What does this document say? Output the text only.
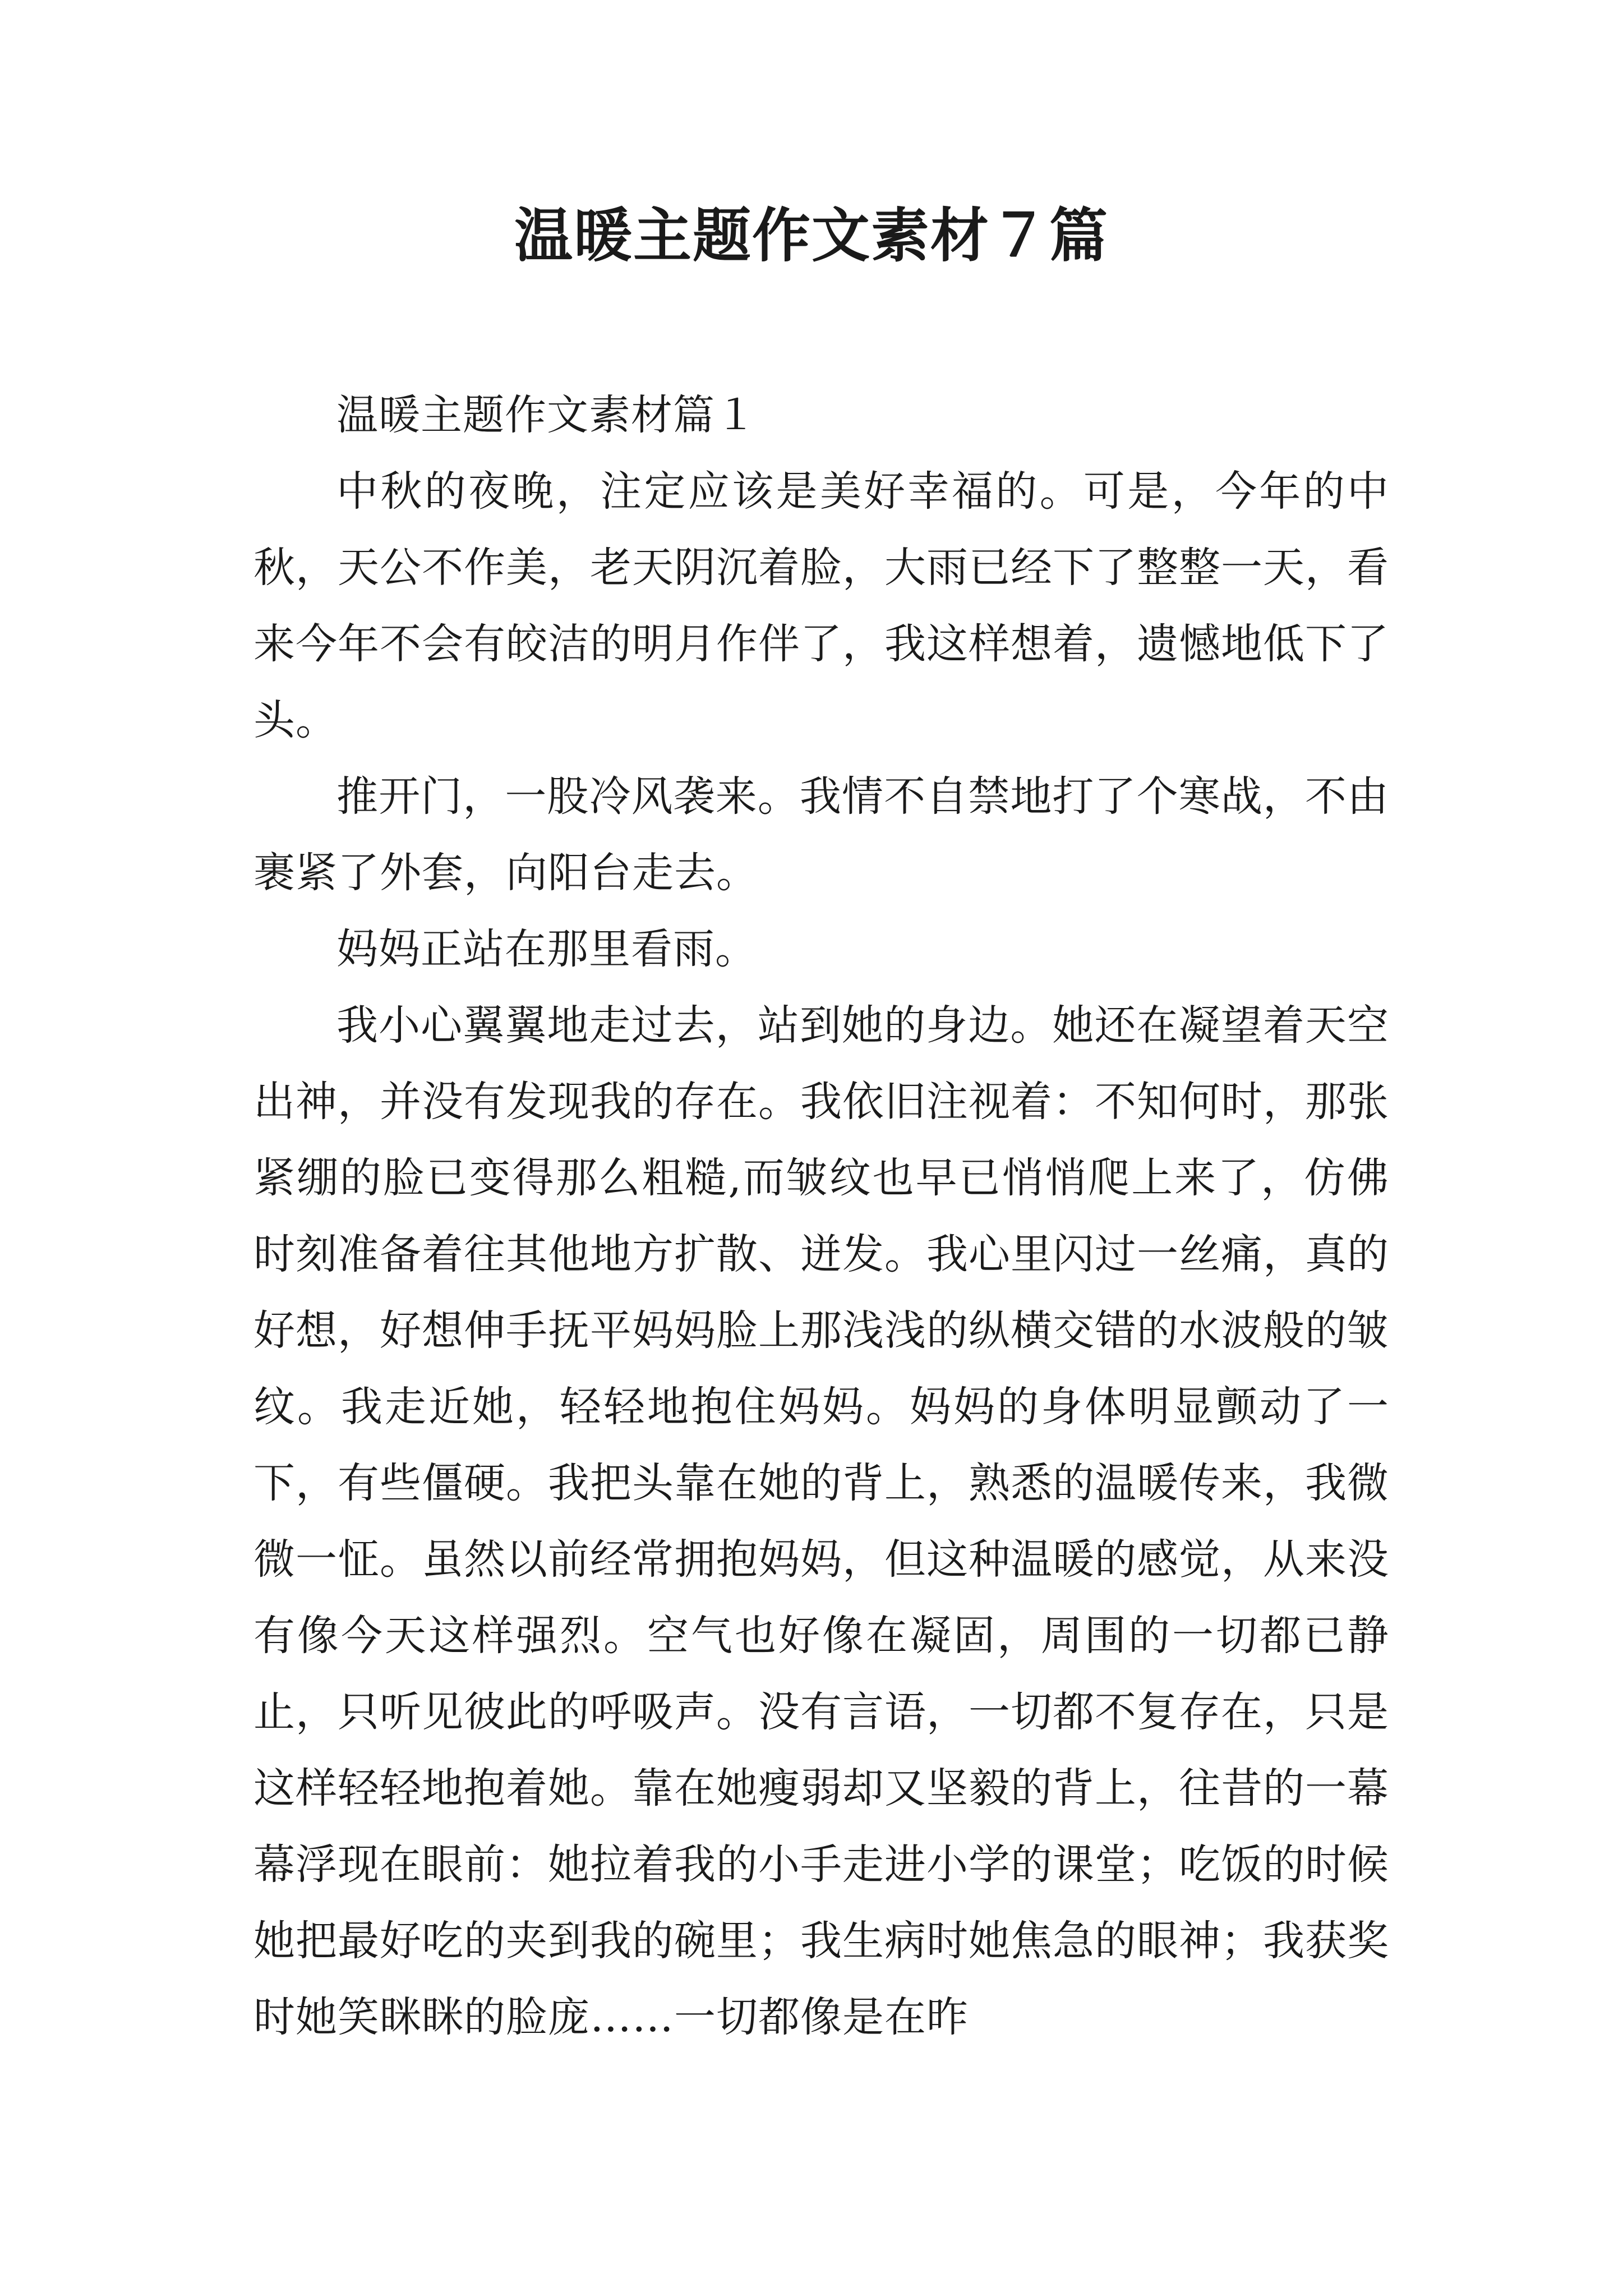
温暖主题作文素材７篇

温暖主题作文素材篇１

中秋的夜晚，注定应该是美好幸福的。可是，今年的中秋，天公不作美，老天阴沉着脸，大雨已经下了整整一天，看来今年不会有皎洁的明月作伴了，我这样想着，遗憾地低下了头。

推开门，一股冷风袭来。我情不自禁地打了个寒战，不由裹紧了外套，向阳台走去。

妈妈正站在那里看雨。

我小心翼翼地走过去，站到她的身边。她还在凝望着天空出神，并没有发现我的存在。我依旧注视着：不知何时，那张紧绷的脸已变得那么粗糙,而皱纹也早已悄悄爬上来了，仿佛时刻准备着往其他地方扩散、迸发。我心里闪过一丝痛，真的好想，好想伸手抚平妈妈脸上那浅浅的纵横交错的水波般的皱纹。我走近她，轻轻地抱住妈妈。妈妈的身体明显颤动了一下，有些僵硬。我把头靠在她的背上，熟悉的温暖传来，我微微一怔。虽然以前经常拥抱妈妈，但这种温暖的感觉，从来没有像今天这样强烈。空气也好像在凝固，周围的一切都已静止，只听见彼此的呼吸声。没有言语，一切都不复存在，只是这样轻轻地抱着她。靠在她瘦弱却又坚毅的背上，往昔的一幕幕浮现在眼前：她拉着我的小手走进小学的课堂；吃饭的时候她把最好吃的夹到我的碗里；我生病时她焦急的眼神；我获奖时她笑眯眯的脸庞……一切都像是在昨
